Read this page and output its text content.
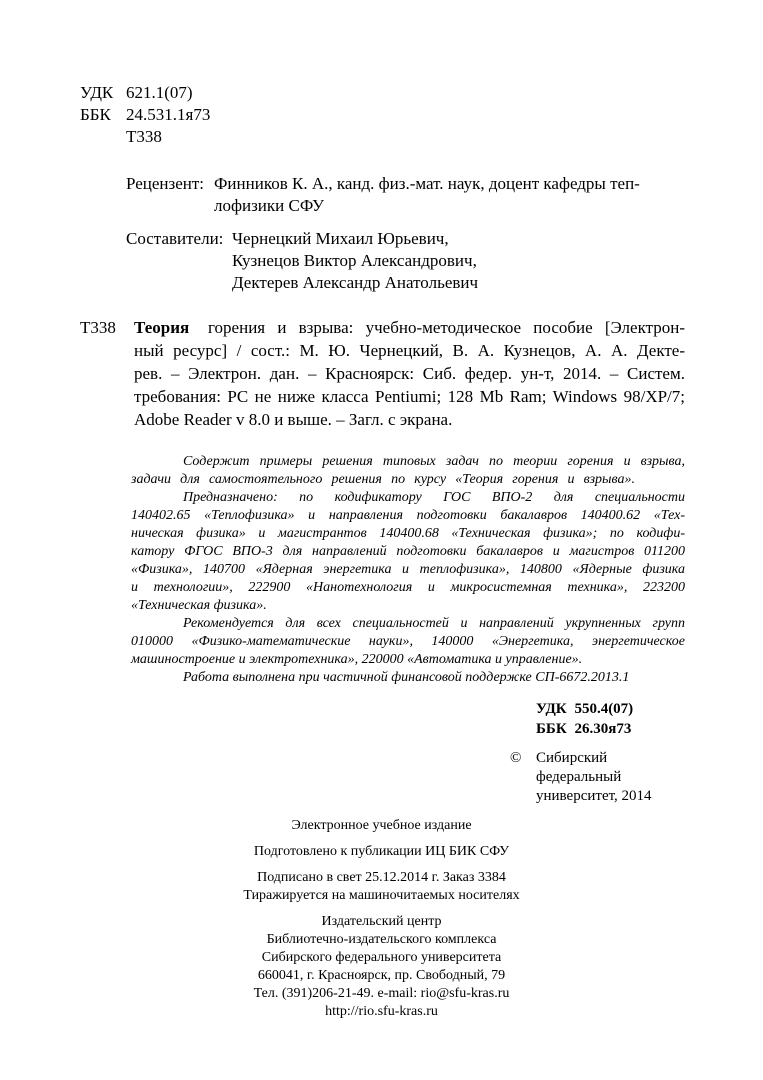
УДК 621.1(07)
ББК 24.531.1я73
Т338
Рецензент: Финников К. А., канд. физ.-мат. наук, доцент кафедры теп-
лофизики СФУ
Составители: Чернецкий Михаил Юрьевич,
Кузнецов Виктор Александрович,
Дектерев Александр Анатольевич
Т338 Теория горения и взрыва: учебно-методическое пособие [Электрон-
ный ресурс] / сост.: М. Ю. Чернецкий, В. А. Кузнецов, А. А. Декте-
рев. – Электрон. дан. – Красноярск: Сиб. федер. ун-т, 2014. – Систем.
требования: PC не ниже класса Pentiumi; 128 Mb Ram; Windows 98/XP/7;
Adobe Reader v 8.0 и выше. – Загл. с экрана.
Содержит примеры решения типовых задач по теории горения и взрыва,
задачи для самостоятельного решения по курсу «Теория горения и взрыва».
Предназначено: по кодификатору ГОС ВПО-2 для специальности
140402.65 «Теплофизика» и направления подготовки бакалавров 140400.62 «Тех-
ническая физика» и магистрантов 140400.68 «Техническая физика»; по кодифи-
катору ФГОС ВПО-3 для направлений подготовки бакалавров и магистров 011200
«Физика», 140700 «Ядерная энергетика и теплофизика», 140800 «Ядерные физика
и технологии», 222900 «Нанотехнология и микросистемная техника», 223200
«Техническая физика».
Рекомендуется для всех специальностей и направлений укрупненных групп
010000 «Физико-математические науки», 140000 «Энергетика, энергетическое
машиностроение и электротехника», 220000 «Автоматика и управление».
Работа выполнена при частичной финансовой поддержке СП-6672.2013.1
УДК 550.4(07)
ББК 26.30я73
© Сибирский
федеральный
университет, 2014
Электронное учебное издание
Подготовлено к публикации ИЦ БИК СФУ
Подписано в свет 25.12.2014 г. Заказ 3384
Тиражируется на машиночитаемых носителях
Издательский центр
Библиотечно-издательского комплекса
Сибирского федерального университета
660041, г. Красноярск, пр. Свободный, 79
Тел. (391)206-21-49. e-mail: rio@sfu-kras.ru
http://rio.sfu-kras.ru
